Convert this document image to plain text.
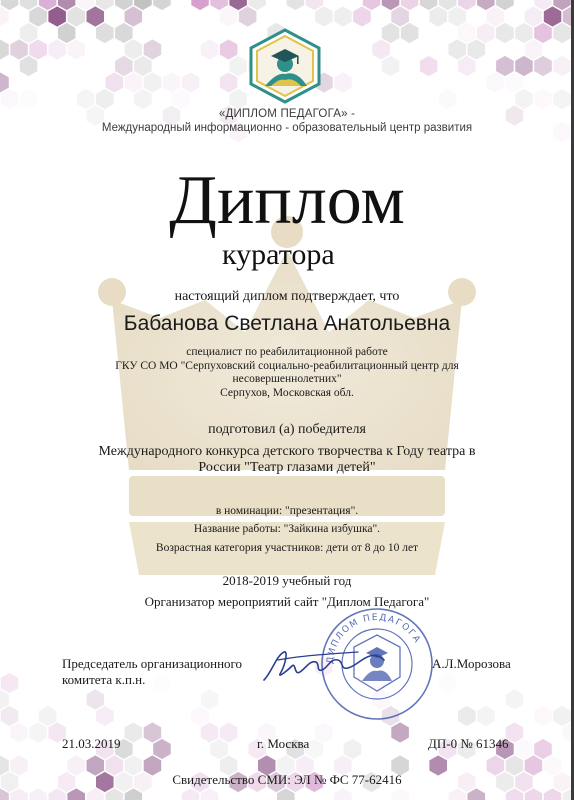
«ДИПЛОМ ПЕДАГОГА» -
Международный информационно - образовательный центр развития
Диплом
куратора
настоящий диплом подтверждает, что
Бабанова Светлана Анатольевна
специалист по реабилитационной работе
ГКУ СО МО "Серпуховский социально-реабилитационный центр для несовершеннолетних"
Серпухов, Московская обл.
подготовил (а) победителя
Международного конкурса детского творчества к Году театра в России "Театр глазами детей"
в номинации: "презентация".
Название работы: "Зайкина избушка".
Возрастная категория участников: дети от 8 до 10 лет
2018-2019 учебный год
Организатор мероприятий сайт "Диплом Педагога"
ДИПЛОМ ПЕДАГОГА
Председатель организационного комитета к.п.н.
А.Л.Морозова
21.03.2019	г. Москва	ДП-0 № 61346
Свидетельство СМИ: ЭЛ № ФС 77-62416
